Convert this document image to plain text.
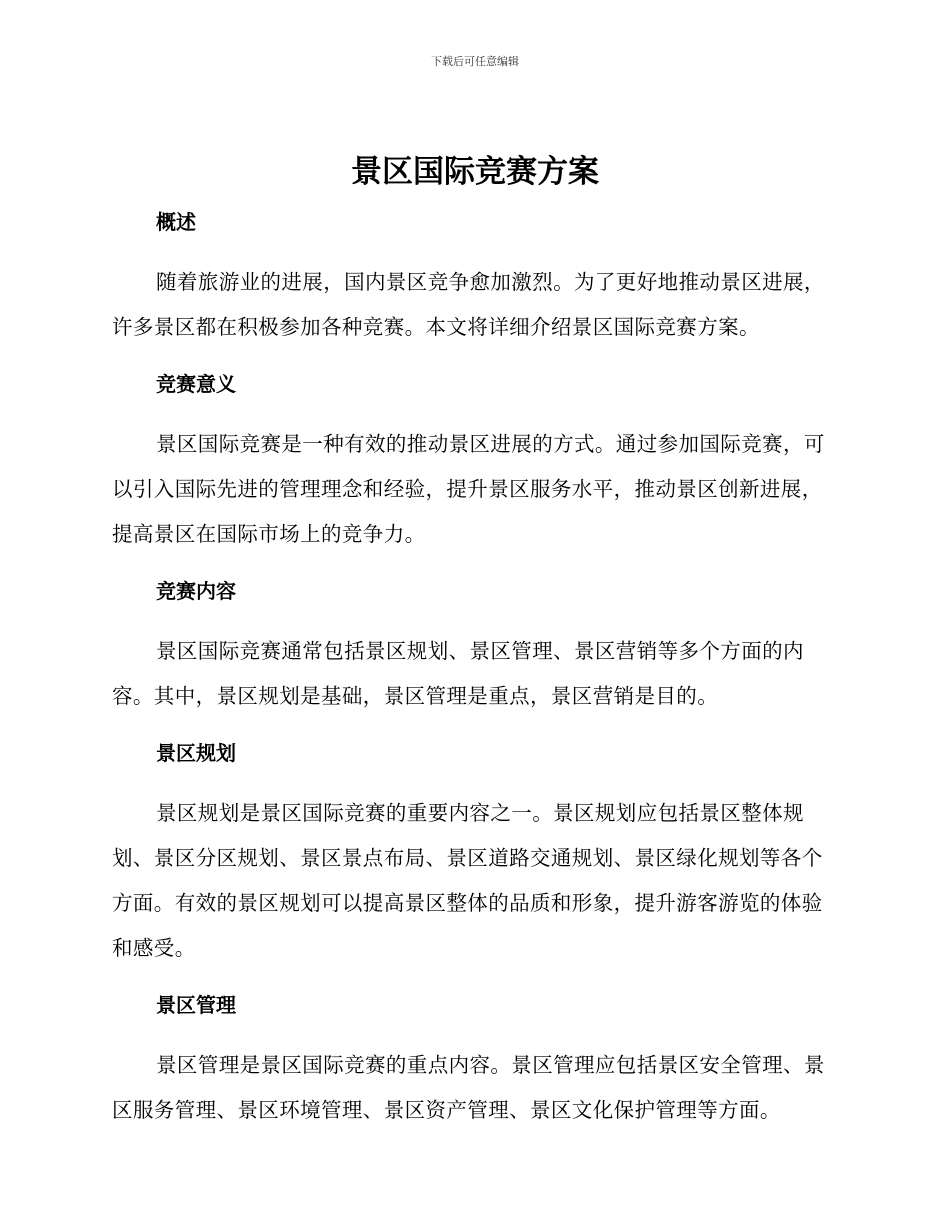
下载后可任意编辑
景区国际竞赛方案
概述

随着旅游业的进展，国内景区竞争愈加激烈。为了更好地推动景区进展，许多景区都在积极参加各种竞赛。本文将详细介绍景区国际竞赛方案。

竞赛意义

景区国际竞赛是一种有效的推动景区进展的方式。通过参加国际竞赛，可以引入国际先进的管理理念和经验，提升景区服务水平，推动景区创新进展，提高景区在国际市场上的竞争力。

竞赛内容

景区国际竞赛通常包括景区规划、景区管理、景区营销等多个方面的内容。其中，景区规划是基础，景区管理是重点，景区营销是目的。

景区规划

景区规划是景区国际竞赛的重要内容之一。景区规划应包括景区整体规划、景区分区规划、景区景点布局、景区道路交通规划、景区绿化规划等各个方面。有效的景区规划可以提高景区整体的品质和形象，提升游客游览的体验和感受。

景区管理

景区管理是景区国际竞赛的重点内容。景区管理应包括景区安全管理、景区服务管理、景区环境管理、景区资产管理、景区文化保护管理等方面。
